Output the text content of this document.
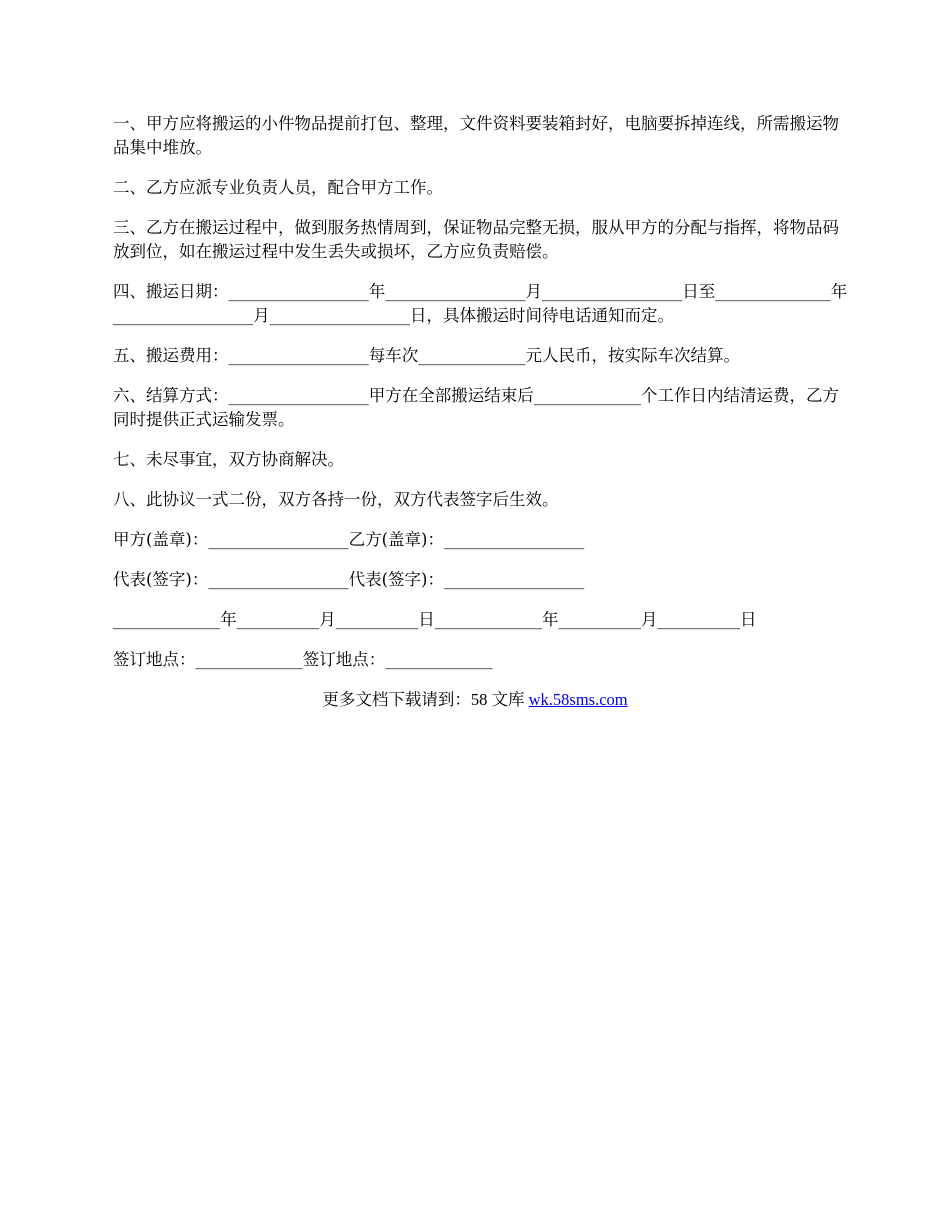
一、甲方应将搬运的小件物品提前打包、整理，文件资料要装箱封好，电脑要拆掉连线，所需搬运物品集中堆放。

二、乙方应派专业负责人员，配合甲方工作。

三、乙方在搬运过程中，做到服务热情周到，保证物品完整无损，服从甲方的分配与指挥，将物品码放到位，如在搬运过程中发生丢失或损坏，乙方应负责赔偿。

四、搬运日期：_________________年_________________月_________________日至______________年_________________月_________________日，具体搬运时间待电话通知而定。

五、搬运费用：_________________每车次_____________元人民币，按实际车次结算。

六、结算方式：_________________甲方在全部搬运结束后_____________个工作日内结清运费，乙方同时提供正式运输发票。

七、未尽事宜，双方协商解决。

八、此协议一式二份，双方各持一份，双方代表签字后生效。

甲方(盖章)：_________________乙方(盖章)：_________________

代表(签字)：_________________代表(签字)：_________________

_____________年__________月__________日_____________年__________月__________日

签订地点：_____________签订地点：_____________

更多文档下载请到：58 文库 wk.58sms.com
